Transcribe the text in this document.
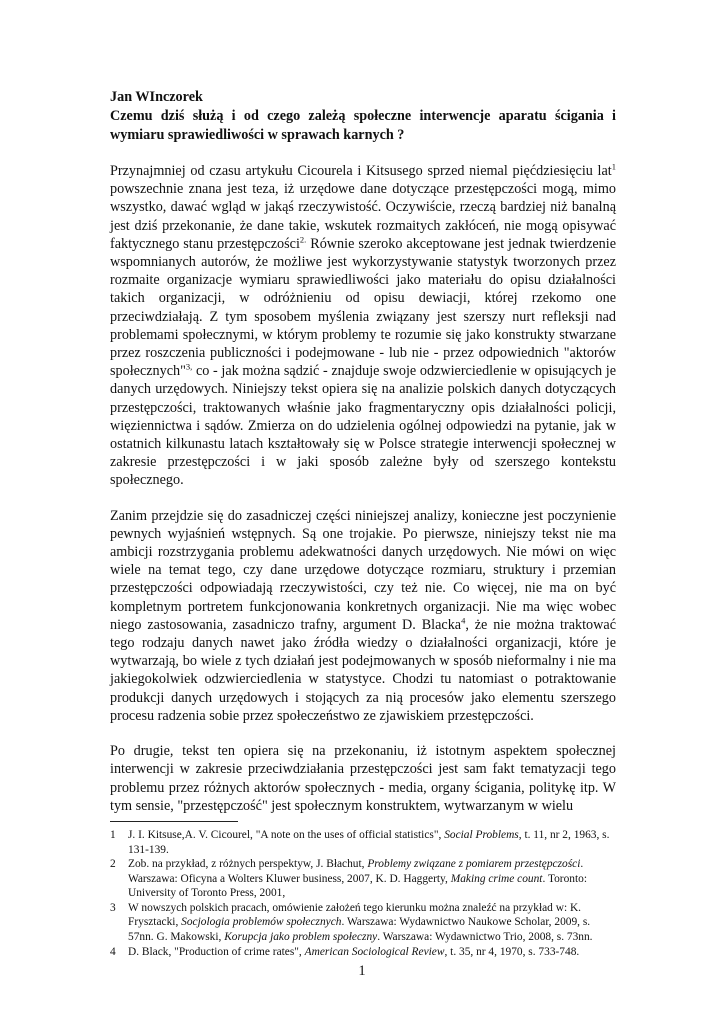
Jan WInczorek

Czemu dziś służą i od czego zależą społeczne interwencje aparatu ścigania i wymiaru sprawiedliwości w sprawach karnych ?

Przynajmniej od czasu artykułu Cicourela i Kitsusego sprzed niemal pięćdziesięciu lat$^1$ powszechnie znana jest teza, iż urzędowe dane dotyczące przestępczości mogą, mimo wszystko, dawać wgląd w jakąś rzeczywistość. Oczywiście, rzeczą bardziej niż banalną jest dziś przekonanie, że dane takie, wskutek rozmaitych zakłóceń, nie mogą opisywać faktycznego stanu przestępczości$^{2.}$ Równie szeroko akceptowane jest jednak twierdzenie wspomnianych autorów, że możliwe jest wykorzystywanie statystyk tworzonych przez rozmaite organizacje wymiaru sprawiedliwości jako materiału do opisu działalności takich organizacji, w odróżnieniu od opisu dewiacji, której rzekomo one przeciwdziałają. Z tym sposobem myślenia związany jest szerszy nurt refleksji nad problemami społecznymi, w którym problemy te rozumie się jako konstrukty stwarzane przez roszczenia publiczności i podejmowane - lub nie - przez odpowiednich "aktorów społecznych"$^{3,}$ co - jak można sądzić - znajduje swoje odzwierciedlenie w opisujących je danych urzędowych. Niniejszy tekst opiera się na analizie polskich danych dotyczących przestępczości, traktowanych właśnie jako fragmentaryczny opis działalności policji, więziennictwa i sądów. Zmierza on do udzielenia ogólnej odpowiedzi na pytanie, jak w ostatnich kilkunastu latach kształtowały się w Polsce strategie interwencji społecznej w zakresie przestępczości i w jaki sposób zależne były od szerszego kontekstu społecznego.

Zanim przejdzie się do zasadniczej części niniejszej analizy, konieczne jest poczynienie pewnych wyjaśnień wstępnych. Są one trojakie. Po pierwsze, niniejszy tekst nie ma ambicji rozstrzygania problemu adekwatności danych urzędowych. Nie mówi on więc wiele na temat tego, czy dane urzędowe dotyczące rozmiaru, struktury i przemian przestępczości odpowiadają rzeczywistości, czy też nie. Co więcej, nie ma on być kompletnym portretem funkcjonowania konkretnych organizacji. Nie ma więc wobec niego zastosowania, zasadniczo trafny, argument D. Blacka$^4$, że nie można traktować tego rodzaju danych nawet jako źródła wiedzy o działalności organizacji, które je wytwarzają, bo wiele z tych działań jest podejmowanych w sposób nieformalny i nie ma jakiegokolwiek odzwierciedlenia w statystyce. Chodzi tu natomiast o potraktowanie produkcji danych urzędowych i stojących za nią procesów jako elementu szerszego procesu radzenia sobie przez społeczeństwo ze zjawiskiem przestępczości.

Po drugie, tekst ten opiera się na przekonaniu, iż istotnym aspektem społecznej interwencji w zakresie przeciwdziałania przestępczości jest sam fakt tematyzacji tego problemu przez różnych aktorów społecznych - media, organy ścigania, politykę itp. W tym sensie, "przestępczość" jest społecznym konstruktem, wytwarzanym w wielu

1	J. I. Kitsuse,A. V. Cicourel, "A note on the uses of official statistics", Social Problems, t. 11, nr 2, 1963, s. 131-139.
2	Zob. na przykład, z różnych perspektyw, J. Błachut, Problemy związane z pomiarem przestępczości. Warszawa: Oficyna a Wolters Kluwer business, 2007, K. D. Haggerty, Making crime count. Toronto: University of Toronto Press, 2001,
3	W nowszych polskich pracach, omówienie założeń tego kierunku można znaleźć na przykład w: K. Frysztacki, Socjologia problemów społecznych. Warszawa: Wydawnictwo Naukowe Scholar, 2009, s. 57nn. G. Makowski, Korupcja jako problem społeczny. Warszawa: Wydawnictwo Trio, 2008, s. 73nn.
4	D. Black, "Production of crime rates", American Sociological Review, t. 35, nr 4, 1970, s. 733-748.
1
